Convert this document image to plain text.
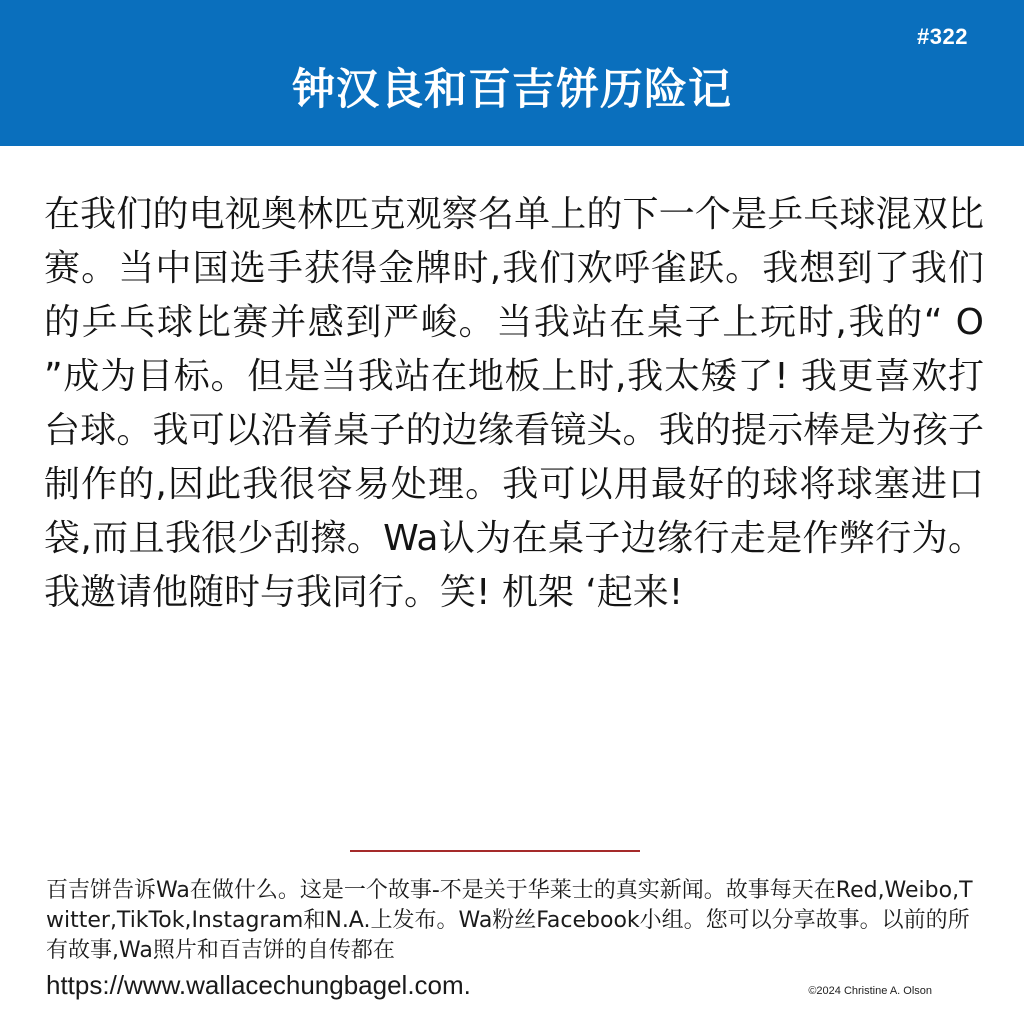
#322
钟汉良和百吉饼历险记
在我们的电视奥林匹克观察名单上的下一个是乒乓球混双比赛。当中国选手获得金牌时,我们欢呼雀跃。我想到了我们的乒乓球比赛并感到严峻。当我站在桌子上玩时,我的“ O ”成为目标。但是当我站在地板上时,我太矮了! 我更喜欢打台球。我可以沿着桌子的边缘看镜头。我的提示棒是为孩子制作的,因此我很容易处理。我可以用最好的球将球塞进口袋,而且我很少刮擦。Wa认为在桌子边缘行走是作弊行为。我邀请他随时与我同行。笑! 机架 ‘起来!
百吉饼告诉Wa在做什么。这是一个故事-不是关于华莱士的真实新闻。故事每天在Red,Weibo,Twitter,TikTok,Instagram和N.A.上发布。Wa粉丝Facebook小组。您可以分享故事。以前的所有故事,Wa照片和百吉饼的自传都在
https://www.wallacechungbagel.com.	©2024 Christine A. Olson
